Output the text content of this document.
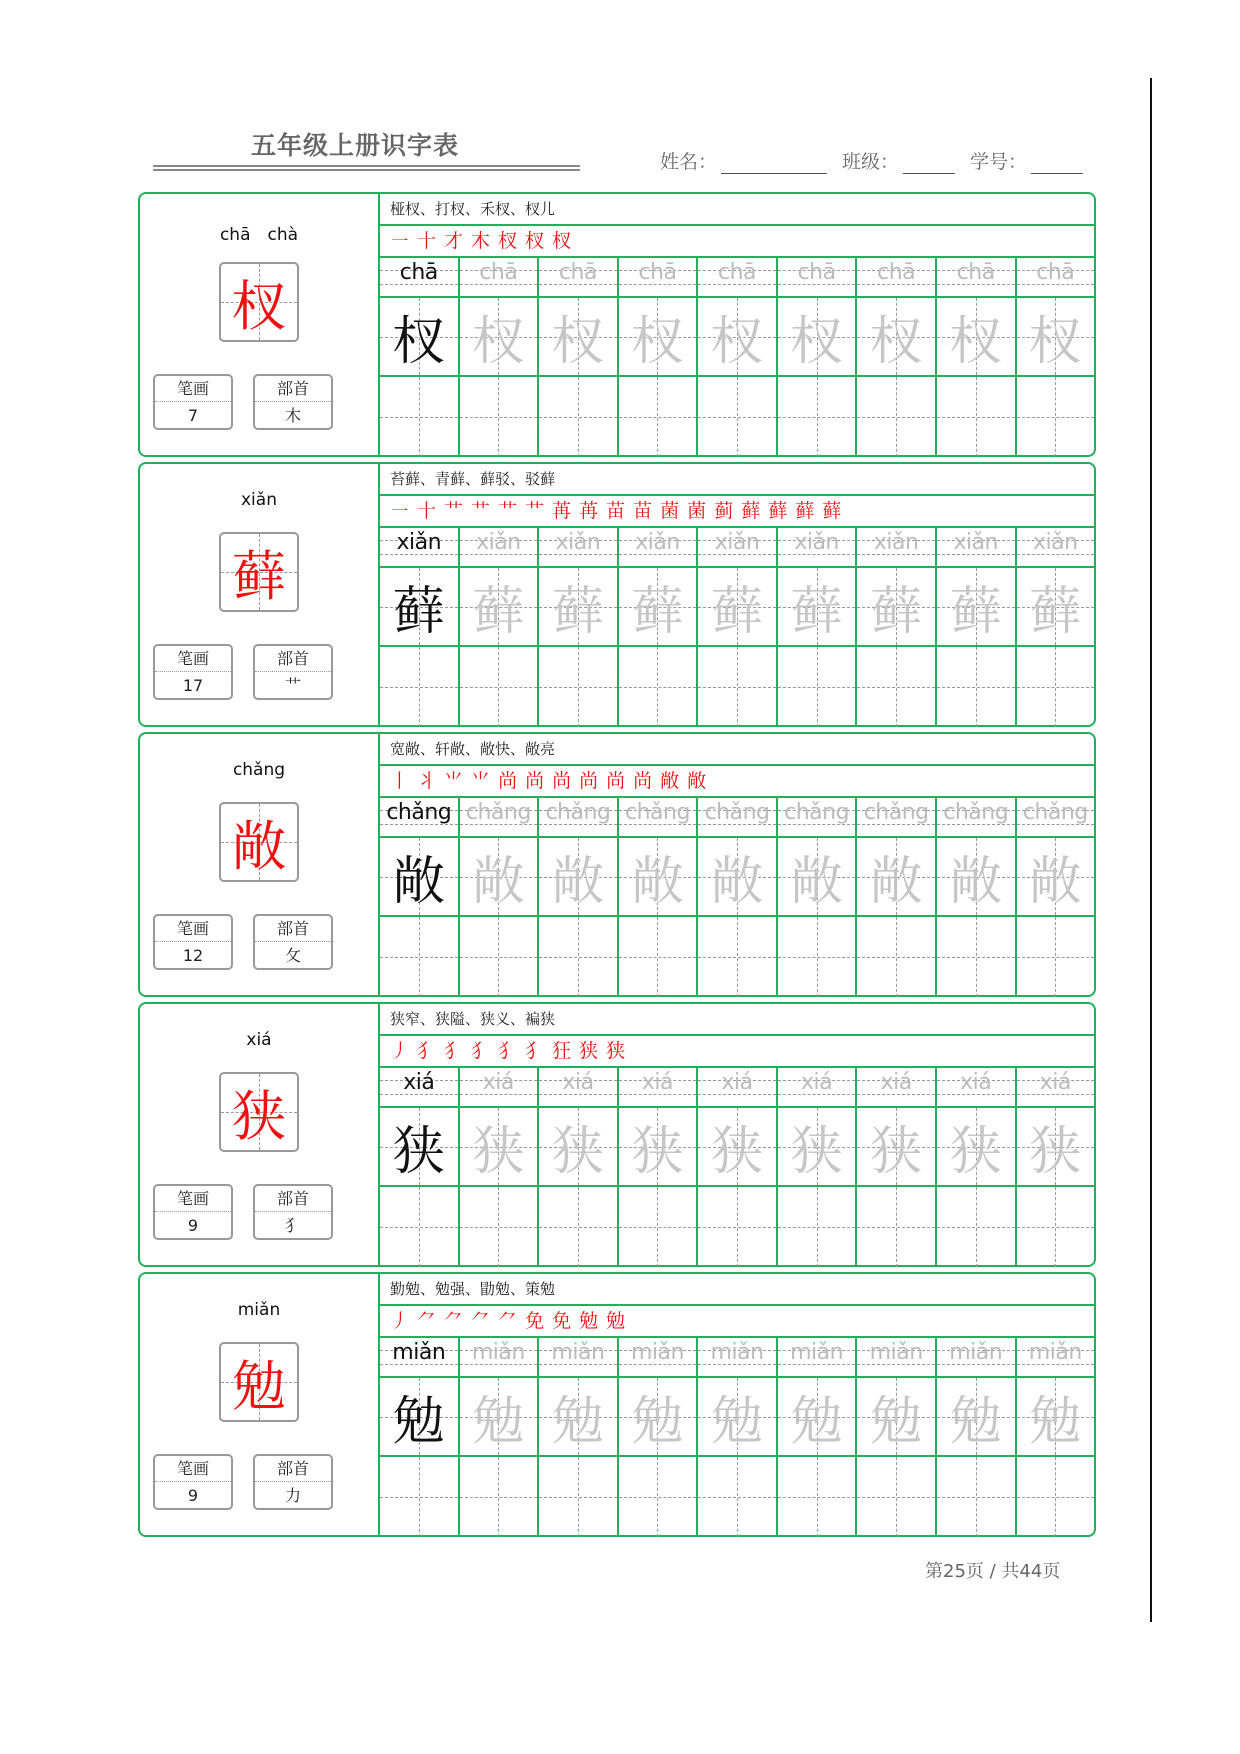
五年级上册识字表
姓名：	班级：	学号：
chā　chà
杈
笔画
7
部首
木
桠杈、打杈、禾杈、杈儿
㇐ 十 才 木 杈 杈 杈
chā
杈
chā
杈
chā
杈
chā
杈
chā
杈
chā
杈
chā
杈
chā
杈
chā
杈
xiǎn
藓
笔画
17
部首
艹
苔藓、青藓、藓驳、驳藓
㇐ 十 艹 艹 艹 艹 苒 苒 苗 苗 菌 菌 蓟 藓 藓 藓 藓
xiǎn
藓
xiǎn
藓
xiǎn
藓
xiǎn
藓
xiǎn
藓
xiǎn
藓
xiǎn
藓
xiǎn
藓
xiǎn
藓
chǎng
敞
笔画
12
部首
攵
宽敞、轩敞、敞快、敞亮
丨 丬 ⺌ ⺌ 尚 尚 尚 尚 尚 尚 敞 敞
chǎng
敞
chǎng
敞
chǎng
敞
chǎng
敞
chǎng
敞
chǎng
敞
chǎng
敞
chǎng
敞
chǎng
敞
xiá
狭
笔画
9
部首
犭
狭窄、狭隘、狭义、褊狭
丿 犭 犭 犭 犭 犭 狂 狭 狭
xiá
狭
xiá
狭
xiá
狭
xiá
狭
xiá
狭
xiá
狭
xiá
狭
xiá
狭
xiá
狭
miǎn
勉
笔画
9
部首
力
勤勉、勉强、勖勉、策勉
丿 ⺈ ⺈ ⺈ ⺈ 免 免 勉 勉
miǎn
勉
miǎn
勉
miǎn
勉
miǎn
勉
miǎn
勉
miǎn
勉
miǎn
勉
miǎn
勉
miǎn
勉
第25页 / 共44页
